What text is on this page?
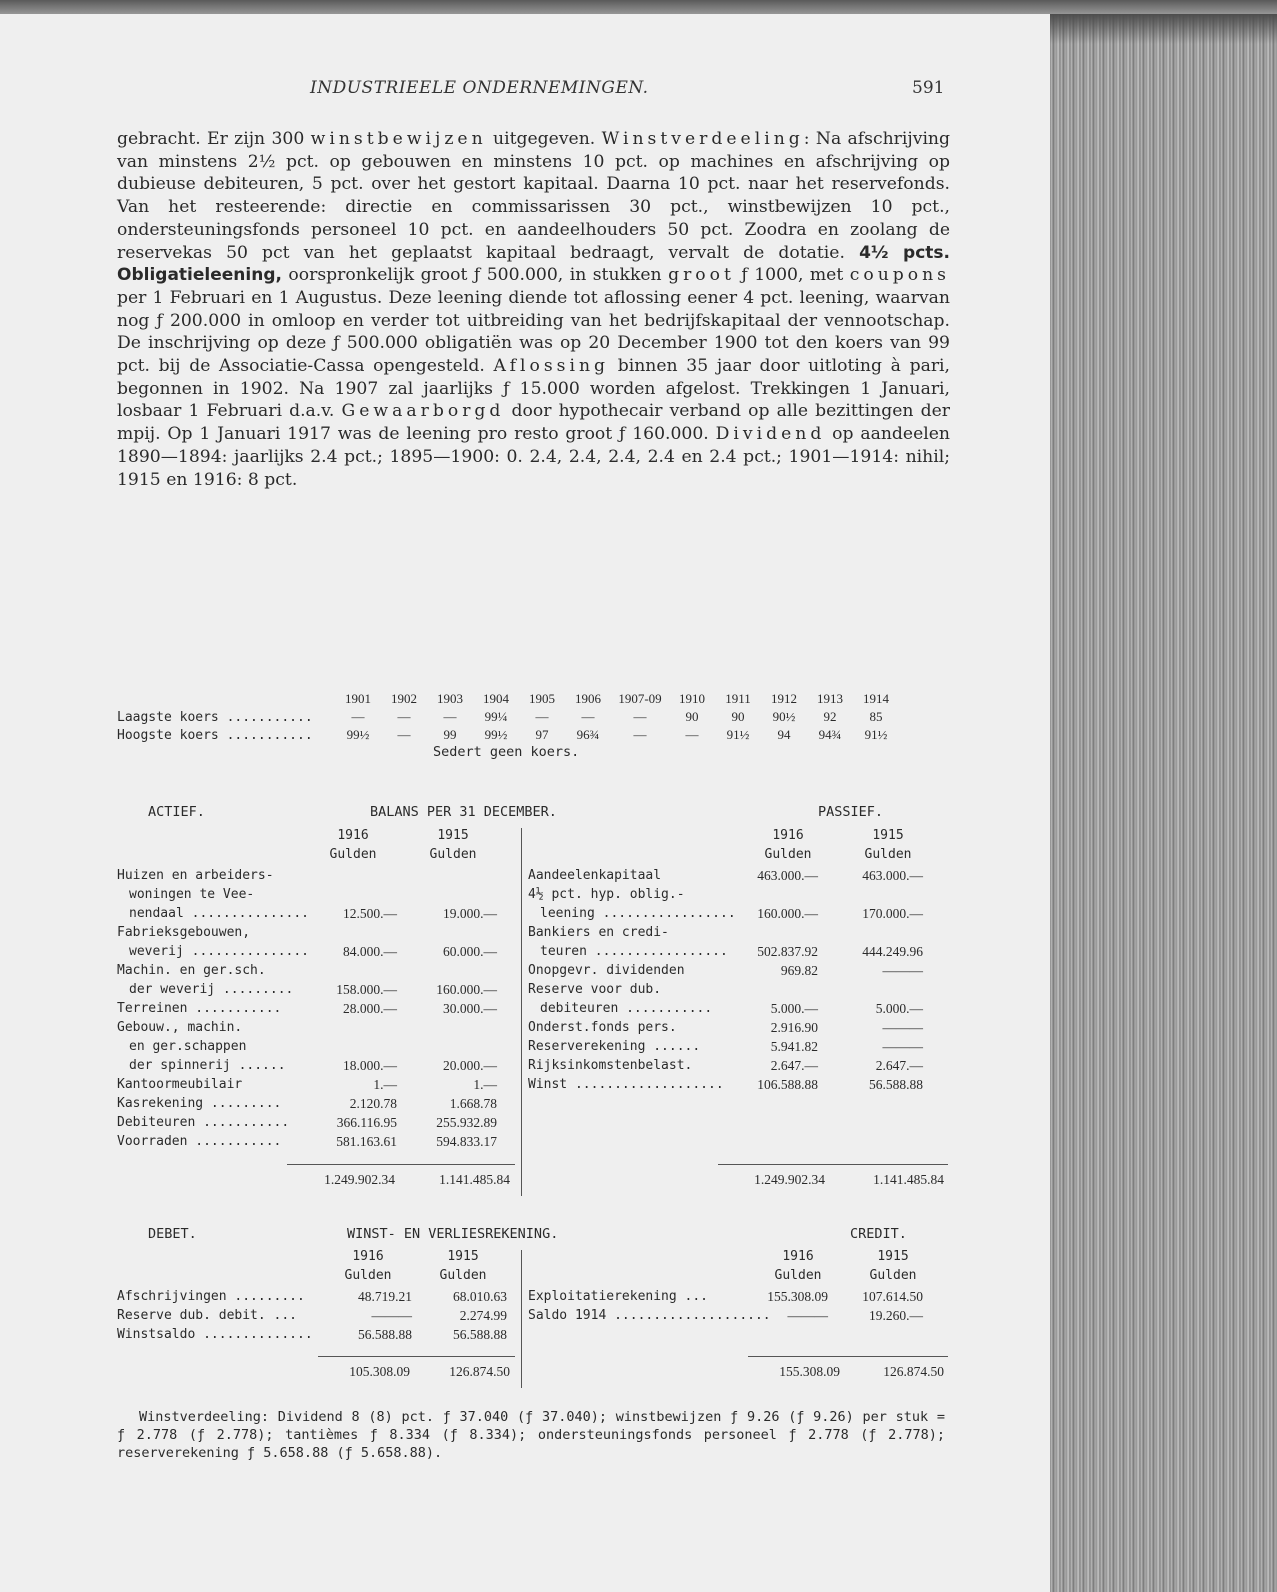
INDUSTRIEELE ONDERNEMINGEN.	591

gebracht. Er zijn 300 winstbewijzen uitgegeven. Winstverdeeling: Na afschrijving van minstens 2½ pct. op gebouwen en minstens 10 pct. op machines en afschrijving op dubieuse debiteuren, 5 pct. over het gestort kapitaal. Daarna 10 pct. naar het reservefonds. Van het resteerende: directie en commissarissen 30 pct., winstbewijzen 10 pct., ondersteuningsfonds personeel 10 pct. en aandeelhouders 50 pct. Zoodra en zoolang de reservekas 50 pct van het geplaatst kapitaal bedraagt, vervalt de dotatie. 4½ pcts. Obligatieleening, oorspronkelijk groot ƒ 500.000, in stukken groot ƒ 1000, met coupons per 1 Februari en 1 Augustus. Deze leening diende tot aflossing eener 4 pct. leening, waarvan nog ƒ 200.000 in omloop en verder tot uitbreiding van het bedrijfskapitaal der vennootschap. De inschrijving op deze ƒ 500.000 obligatiën was op 20 December 1900 tot den koers van 99 pct. bij de Associatie-Cassa opengesteld. Aflossing binnen 35 jaar door uitloting à pari, begonnen in 1902. Na 1907 zal jaarlijks ƒ 15.000 worden afgelost. Trekkingen 1 Januari, losbaar 1 Februari d.a.v. Gewaarborgd door hypothecair verband op alle bezittingen der mpij. Op 1 Januari 1917 was de leening pro resto groot ƒ 160.000. Dividend op aandeelen 1890—1894: jaarlijks 2.4 pct.; 1895—1900: 0. 2.4, 2.4, 2.4, 2.4 en 2.4 pct.; 1901—1914: nihil; 1915 en 1916: 8 pct.

	1901	1902	1903	1904	1905	1906	1907-09	1910	1911	1912	1913	1914
Laagste koers ...........	—	—	—	99¼	—	—	—	90	90	90½	92	85
Hoogste koers ...........	99½	—	99	99½	97	96¾	—	—	91½	94	94¾	91½
Sedert geen koers.
ACTIEF.	BALANS PER 31 DECEMBER.	PASSIEF.
1916	1915
Gulden	Gulden
1916	1915
Gulden	Gulden
Huizen en arbeiders-
woningen te Vee-
nendaal ...............	12.500.—	19.000.—
Fabrieksgebouwen,
weverij ...............	84.000.—	60.000.—
Machin. en ger.sch.
der weverij .........	158.000.—	160.000.—
Terreinen ...........	28.000.—	30.000.—
Gebouw., machin.
en ger.schappen
der spinnerij ......	18.000.—	20.000.—
Kantoormeubilair	1.—	1.—
Kasrekening .........	2.120.78	1.668.78
Debiteuren ...........	366.116.95	255.932.89
Voorraden ...........	581.163.61	594.833.17
Aandeelenkapitaal	463.000.—	463.000.—
4½ pct. hyp. oblig.-
leening .................	160.000.—	170.000.—
Bankiers en credi-
teuren .................	502.837.92	444.249.96
Onopgevr. dividenden	969.82	———
Reserve voor dub.
debiteuren ...........	5.000.—	5.000.—
Onderst.fonds pers.	2.916.90	———
Reserverekening ......	5.941.82	———
Rijksinkomstenbelast.	2.647.—	2.647.—
Winst ...................	106.588.88	56.588.88
1.249.902.34	1.141.485.84	1.249.902.34	1.141.485.84
DEBET.	WINST- EN VERLIESREKENING.	CREDIT.
1916	1915
Gulden	Gulden
1916	1915
Gulden	Gulden
Afschrijvingen .........	48.719.21	68.010.63
Reserve dub. debit. ...	———	2.274.99
Winstsaldo ..............	56.588.88	56.588.88
Exploitatierekening ...	155.308.09	107.614.50
Saldo 1914 ....................	———	19.260.—
105.308.09	126.874.50	155.308.09	126.874.50

Winstverdeeling: Dividend 8 (8) pct. ƒ 37.040 (ƒ 37.040); winstbewijzen ƒ 9.26 (ƒ 9.26) per stuk = ƒ 2.778 (ƒ 2.778); tantièmes ƒ 8.334 (ƒ 8.334); ondersteuningsfonds personeel ƒ 2.778 (ƒ 2.778); reserverekening ƒ 5.658.88 (ƒ 5.658.88).
